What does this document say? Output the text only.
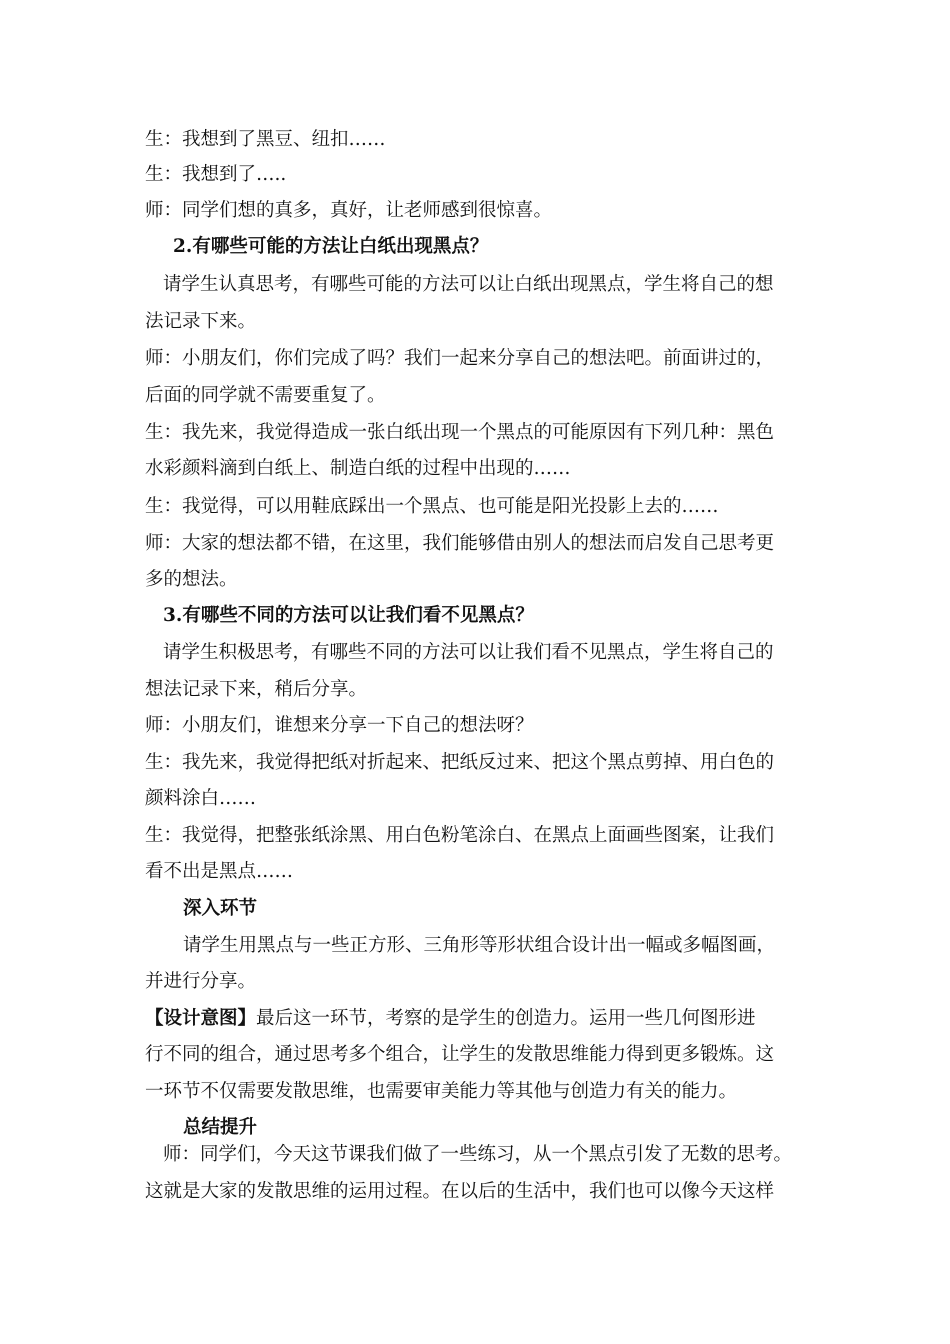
生：我想到了黑豆、纽扣……
生：我想到了…..
师：同学们想的真多，真好，让老师感到很惊喜。
2.有哪些可能的方法让白纸出现黑点？
请学生认真思考，有哪些可能的方法可以让白纸出现黑点，学生将自己的想
法记录下来。
师：小朋友们，你们完成了吗？我们一起来分享自己的想法吧。前面讲过的，
后面的同学就不需要重复了。
生：我先来，我觉得造成一张白纸出现一个黑点的可能原因有下列几种：黑色
水彩颜料滴到白纸上、制造白纸的过程中出现的……
生：我觉得，可以用鞋底踩出一个黑点、也可能是阳光投影上去的……
师：大家的想法都不错，在这里，我们能够借由别人的想法而启发自己思考更
多的想法。
3.有哪些不同的方法可以让我们看不见黑点？
请学生积极思考，有哪些不同的方法可以让我们看不见黑点，学生将自己的
想法记录下来，稍后分享。
师：小朋友们，谁想来分享一下自己的想法呀？
生：我先来，我觉得把纸对折起来、把纸反过来、把这个黑点剪掉、用白色的
颜料涂白……
生：我觉得，把整张纸涂黑、用白色粉笔涂白、在黑点上面画些图案，让我们
看不出是黑点……
深入环节
请学生用黑点与一些正方形、三角形等形状组合设计出一幅或多幅图画，
并进行分享。
【设计意图】最后这一环节，考察的是学生的创造力。运用一些几何图形进
行不同的组合，通过思考多个组合，让学生的发散思维能力得到更多锻炼。这
一环节不仅需要发散思维，也需要审美能力等其他与创造力有关的能力。
总结提升
师：同学们，今天这节课我们做了一些练习，从一个黑点引发了无数的思考。
这就是大家的发散思维的运用过程。在以后的生活中，我们也可以像今天这样
